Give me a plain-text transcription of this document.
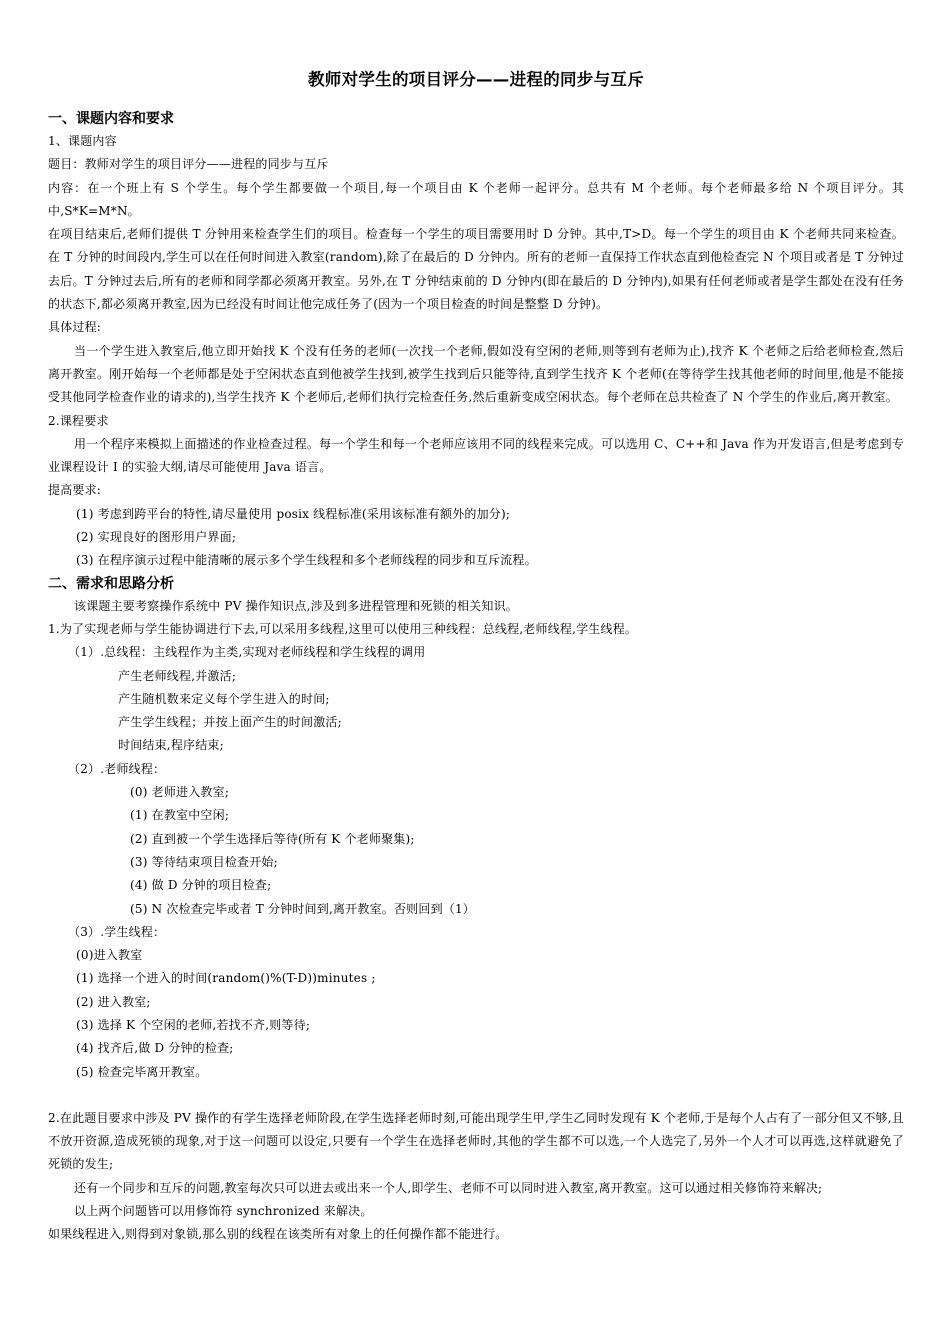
教师对学生的项目评分——进程的同步与互斥
一、课题内容和要求

1、课题内容

题目：教师对学生的项目评分——进程的同步与互斥

内容：在一个班上有 S 个学生。每个学生都要做一个项目,每一个项目由 K 个老师一起评分。总共有 M 个老师。每个老师最多给 N 个项目评分。其中,S*K=M*N。

在项目结束后,老师们提供 T 分钟用来检查学生们的项目。检查每一个学生的项目需要用时 D 分钟。其中,T>D。每一个学生的项目由 K 个老师共同来检查。在 T 分钟的时间段内,学生可以在任何时间进入教室(random),除了在最后的 D 分钟内。所有的老师一直保持工作状态直到他检查完 N 个项目或者是 T 分钟过去后。T 分钟过去后,所有的老师和同学都必须离开教室。另外,在 T 分钟结束前的 D 分钟内(即在最后的 D 分钟内),如果有任何老师或者是学生都处在没有任务的状态下,都必须离开教室,因为已经没有时间让他完成任务了(因为一个项目检查的时间是整整 D 分钟)。

具体过程:

当一个学生进入教室后,他立即开始找 K 个没有任务的老师(一次找一个老师,假如没有空闲的老师,则等到有老师为止),找齐 K 个老师之后给老师检查,然后离开教室。刚开始每一个老师都是处于空闲状态直到他被学生找到,被学生找到后只能等待,直到学生找齐 K 个老师(在等待学生找其他老师的时间里,他是不能接受其他同学检查作业的请求的),当学生找齐 K 个老师后,老师们执行完检查任务,然后重新变成空闲状态。每个老师在总共检查了 N 个学生的作业后,离开教室。

2.课程要求

用一个程序来模拟上面描述的作业检查过程。每一个学生和每一个老师应该用不同的线程来完成。可以选用 C、C++和 Java 作为开发语言,但是考虑到专业课程设计 I 的实验大纲,请尽可能使用 Java 语言。

提高要求:

(1) 考虑到跨平台的特性,请尽量使用 posix 线程标准(采用该标准有额外的加分);

(2) 实现良好的图形用户界面;

(3) 在程序演示过程中能清晰的展示多个学生线程和多个老师线程的同步和互斥流程。

二、需求和思路分析

该课题主要考察操作系统中 PV 操作知识点,涉及到多进程管理和死锁的相关知识。

1.为了实现老师与学生能协调进行下去,可以采用多线程,这里可以使用三种线程：总线程,老师线程,学生线程。

（1）.总线程：主线程作为主类,实现对老师线程和学生线程的调用

产生老师线程,并激活;

产生随机数来定义每个学生进入的时间;

产生学生线程；并按上面产生的时间激活;

时间结束,程序结束;

（2）.老师线程：

(0) 老师进入教室;

(1) 在教室中空闲;

(2) 直到被一个学生选择后等待(所有 K 个老师聚集);

(3) 等待结束项目检查开始;

(4) 做 D 分钟的项目检查;

(5) N 次检查完毕或者 T 分钟时间到,离开教室。否则回到（1）

（3）.学生线程：

(0)进入教室

(1) 选择一个进入的时间(random()%(T-D))minutes ;

(2) 进入教室;

(3) 选择 K 个空闲的老师,若找不齐,则等待;

(4) 找齐后,做 D 分钟的检查;

(5) 检查完毕离开教室。

2.在此题目要求中涉及 PV 操作的有学生选择老师阶段,在学生选择老师时刻,可能出现学生甲,学生乙同时发现有 K 个老师,于是每个人占有了一部分但又不够,且不放开资源,造成死锁的现象,对于这一问题可以设定,只要有一个学生在选择老师时,其他的学生都不可以选,一个人选完了,另外一个人才可以再选,这样就避免了死锁的发生;

还有一个同步和互斥的问题,教室每次只可以进去或出来一个人,即学生、老师不可以同时进入教室,离开教室。这可以通过相关修饰符来解决;

以上两个问题皆可以用修饰符 synchronized 来解决。

如果线程进入,则得到对象锁,那么别的线程在该类所有对象上的任何操作都不能进行。
